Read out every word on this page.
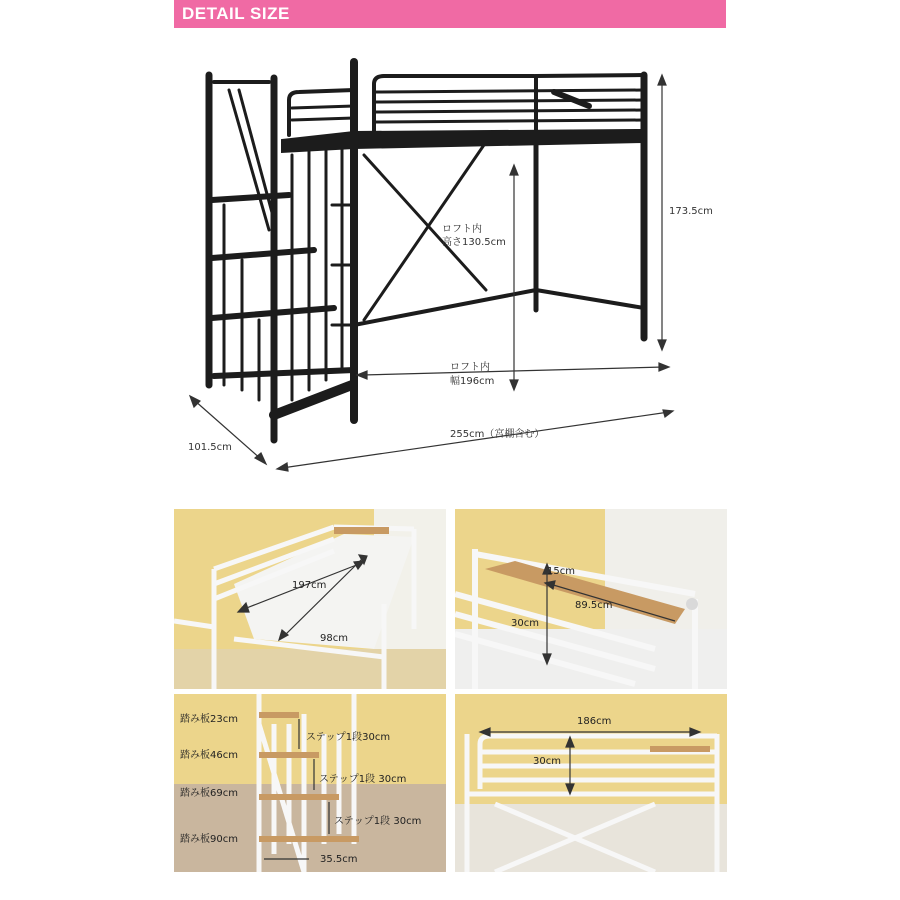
DETAIL SIZE
ロフト内
高さ130.5cm
173.5cm
ロフト内
幅196cm
255cm（宮棚含む）
101.5cm
197cm
98cm
15cm
89.5cm
30cm
踏み板23cm
踏み板46cm
踏み板69cm
踏み板90cm
ステップ1段30cm
ステップ1段 30cm
ステップ1段 30cm
35.5cm
186cm
30cm
